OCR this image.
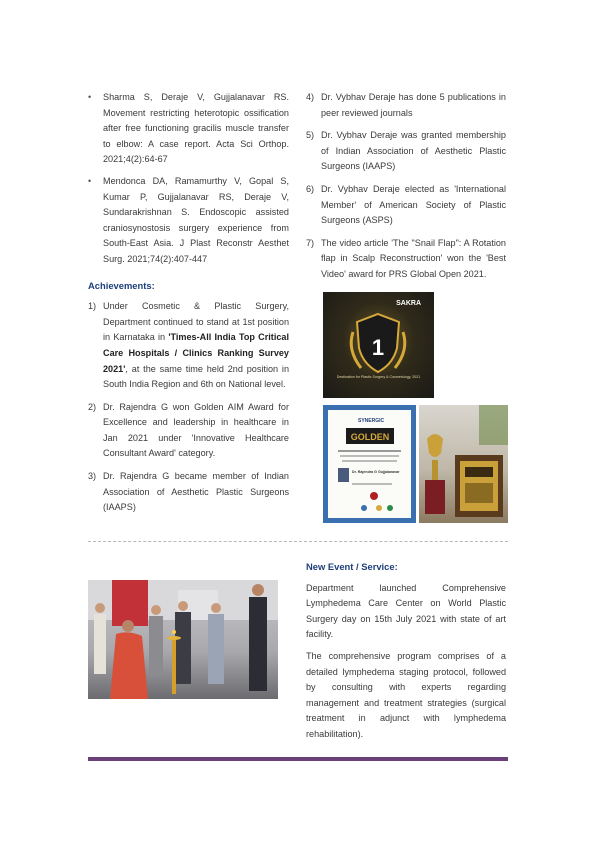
• Sharma S, Deraje V, Gujjalanavar RS. Movement restricting heterotopic ossification after free functioning gracilis muscle transfer to elbow: A case report. Acta Sci Orthop. 2021;4(2):64-67
• Mendonca DA, Ramamurthy V, Gopal S, Kumar P, Gujjalanavar RS, Deraje V, Sundarakrishnan S. Endoscopic assisted craniosynostosis surgery experience from South-East Asia. J Plast Reconstr Aesthet Surg. 2021;74(2):407-447
Achievements:
1) Under Cosmetic & Plastic Surgery, Department continued to stand at 1st position in Karnataka in 'Times-All India Top Critical Care Hospitals / Clinics Ranking Survey 2021', at the same time held 2nd position in South India Region and 6th on National level.
2) Dr. Rajendra G won Golden AIM Award for Excellence and leadership in healthcare in Jan 2021 under 'Innovative Healthcare Consultant Award' category.
3) Dr. Rajendra G became member of Indian Association of Aesthetic Plastic Surgeons (IAAPS)
4) Dr. Vybhav Deraje has done 5 publications in peer reviewed journals
5) Dr. Vybhav Deraje was granted membership of Indian Association of Aesthetic Plastic Surgeons (IAAPS)
6) Dr. Vybhav Deraje elected as 'International Member' of American Society of Plastic Surgeons (ASPS)
7) The video article 'The "Snail Flap": A Rotation flap in Scalp Reconstruction' won the 'Best Video' award for PRS Global Open 2021.
SAKRA
1
Destination for Plastic Surgery & Cosmetology, 2021
SYNERGIC
GOLDEN
Dr. Rajendra G Gujjalanavar
New Event / Service:

Department launched Comprehensive Lymphedema Care Center on World Plastic Surgery day on 15th July 2021 with state of art facility.

The comprehensive program comprises of a detailed lymphedema staging protocol, followed by consulting with experts regarding management and treatment strategies (surgical treatment in adjunct with lymphedema rehabilitation).
